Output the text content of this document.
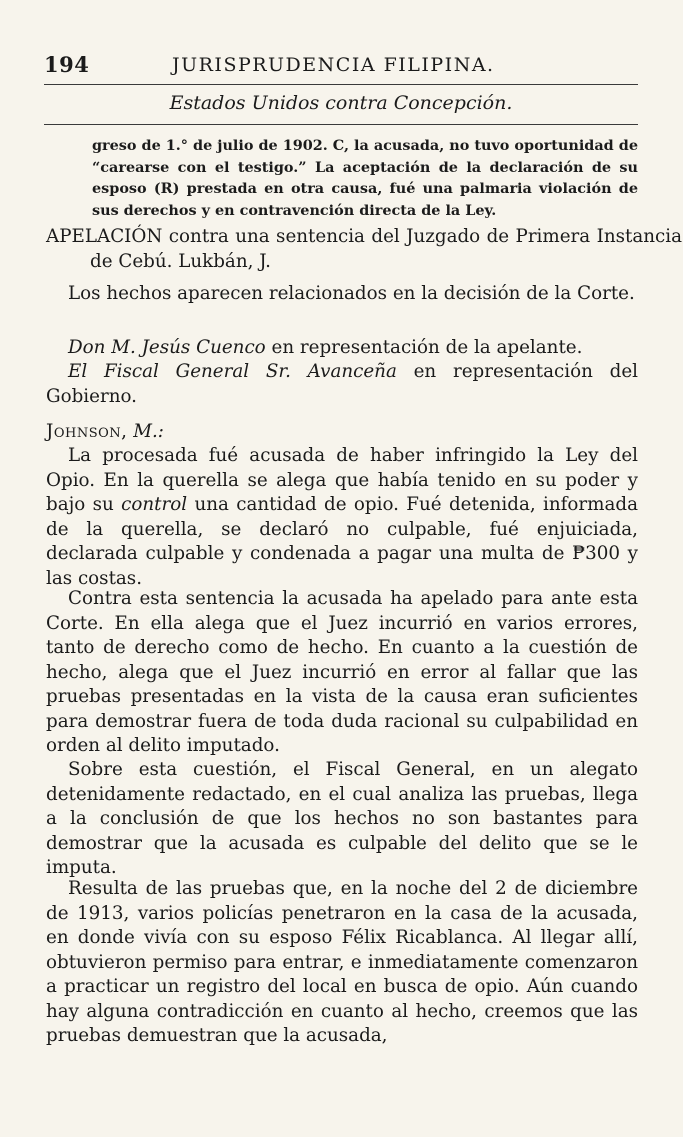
194	JURISPRUDENCIA FILIPINA.
Estados Unidos contra Concepción.
greso de 1.° de julio de 1902. C, la acusada, no tuvo oportunidad de “carearse con el testigo.” La aceptación de la declaración de su esposo (R) prestada en otra causa, fué una palmaria violación de sus derechos y en contravención directa de la Ley.
APELACIÓN contra una sentencia del Juzgado de Primera Instancia de Cebú. Lukbán, J.
Los hechos aparecen relacionados en la decisión de la Corte.
Don M. Jesús Cuenco en representación de la apelante.
El Fiscal General Sr. Avanceña en representación del Gobierno.
Johnson, M.:
La procesada fué acusada de haber infringido la Ley del Opio. En la querella se alega que había tenido en su poder y bajo su control una cantidad de opio. Fué detenida, informada de la querella, se declaró no culpable, fué enjuiciada, declarada culpable y condenada a pagar una multa de ₱300 y las costas.
Contra esta sentencia la acusada ha apelado para ante esta Corte. En ella alega que el Juez incurrió en varios errores, tanto de derecho como de hecho. En cuanto a la cuestión de hecho, alega que el Juez incurrió en error al fallar que las pruebas presentadas en la vista de la causa eran suficientes para demostrar fuera de toda duda racional su culpabilidad en orden al delito imputado.
Sobre esta cuestión, el Fiscal General, en un alegato detenidamente redactado, en el cual analiza las pruebas, llega a la conclusión de que los hechos no son bastantes para demostrar que la acusada es culpable del delito que se le imputa.
Resulta de las pruebas que, en la noche del 2 de diciembre de 1913, varios policías penetraron en la casa de la acusada, en donde vivía con su esposo Félix Ricablanca. Al llegar allí, obtuvieron permiso para entrar, e inmediatamente comenzaron a practicar un registro del local en busca de opio. Aún cuando hay alguna contradicción en cuanto al hecho, creemos que las pruebas demuestran que la acusada,
